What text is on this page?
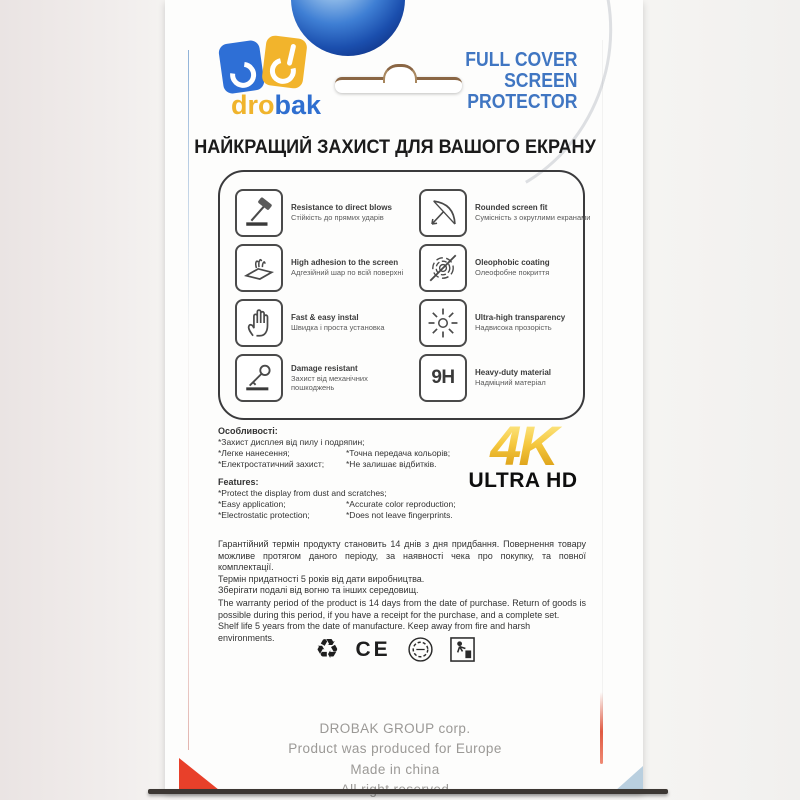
drobak
FULL COVER
SCREEN
PROTECTOR
НАЙКРАЩИЙ ЗАХИСТ ДЛЯ ВАШОГО ЕКРАНУ
Resistance to direct blows
Стійкість до прямих ударів
High adhesion to the screen
Адгезійний шар по всій поверхні
Fast & easy instal
Швидка і проста установка
Damage resistant
Захист від механічних пошкоджень
Rounded screen fit
Сумісність з округлими екранами
Oleophobic coating
Олеофобне покриття
Ultra-high transparency
Надвисока прозорість
9H	Heavy-duty material
Надміцний матеріал
Особливості:
*Захист дисплея від пилу і подряпин;
*Легке нанесення;	*Точна передача кольорів;
*Електростатичний захист;	*Не залишає відбитків.
Features:
*Protect the display from dust and scratches;
*Easy application;	*Accurate color reproduction;
*Electrostatic protection;	*Does not leave fingerprints.
4K
ULTRA HD
Гарантійний термін продукту становить 14 днів з дня придбання. Повернення товару можливе протягом даного періоду, за наявності чека про покупку, та повної комплектації.
Термін придатності 5 років від дати виробництва.
Зберігати подалі від вогню та інших середовищ.
The warranty period of the product is 14 days from the date of purchase. Return of goods is possible during this period, if you have a receipt for the purchase, and a complete set.
Shelf life 5 years from the date of manufacture. Keep away from fire and harsh environments.	♻ CE
DROBAK GROUP corp.
Product was produced for Europe
Made in china
